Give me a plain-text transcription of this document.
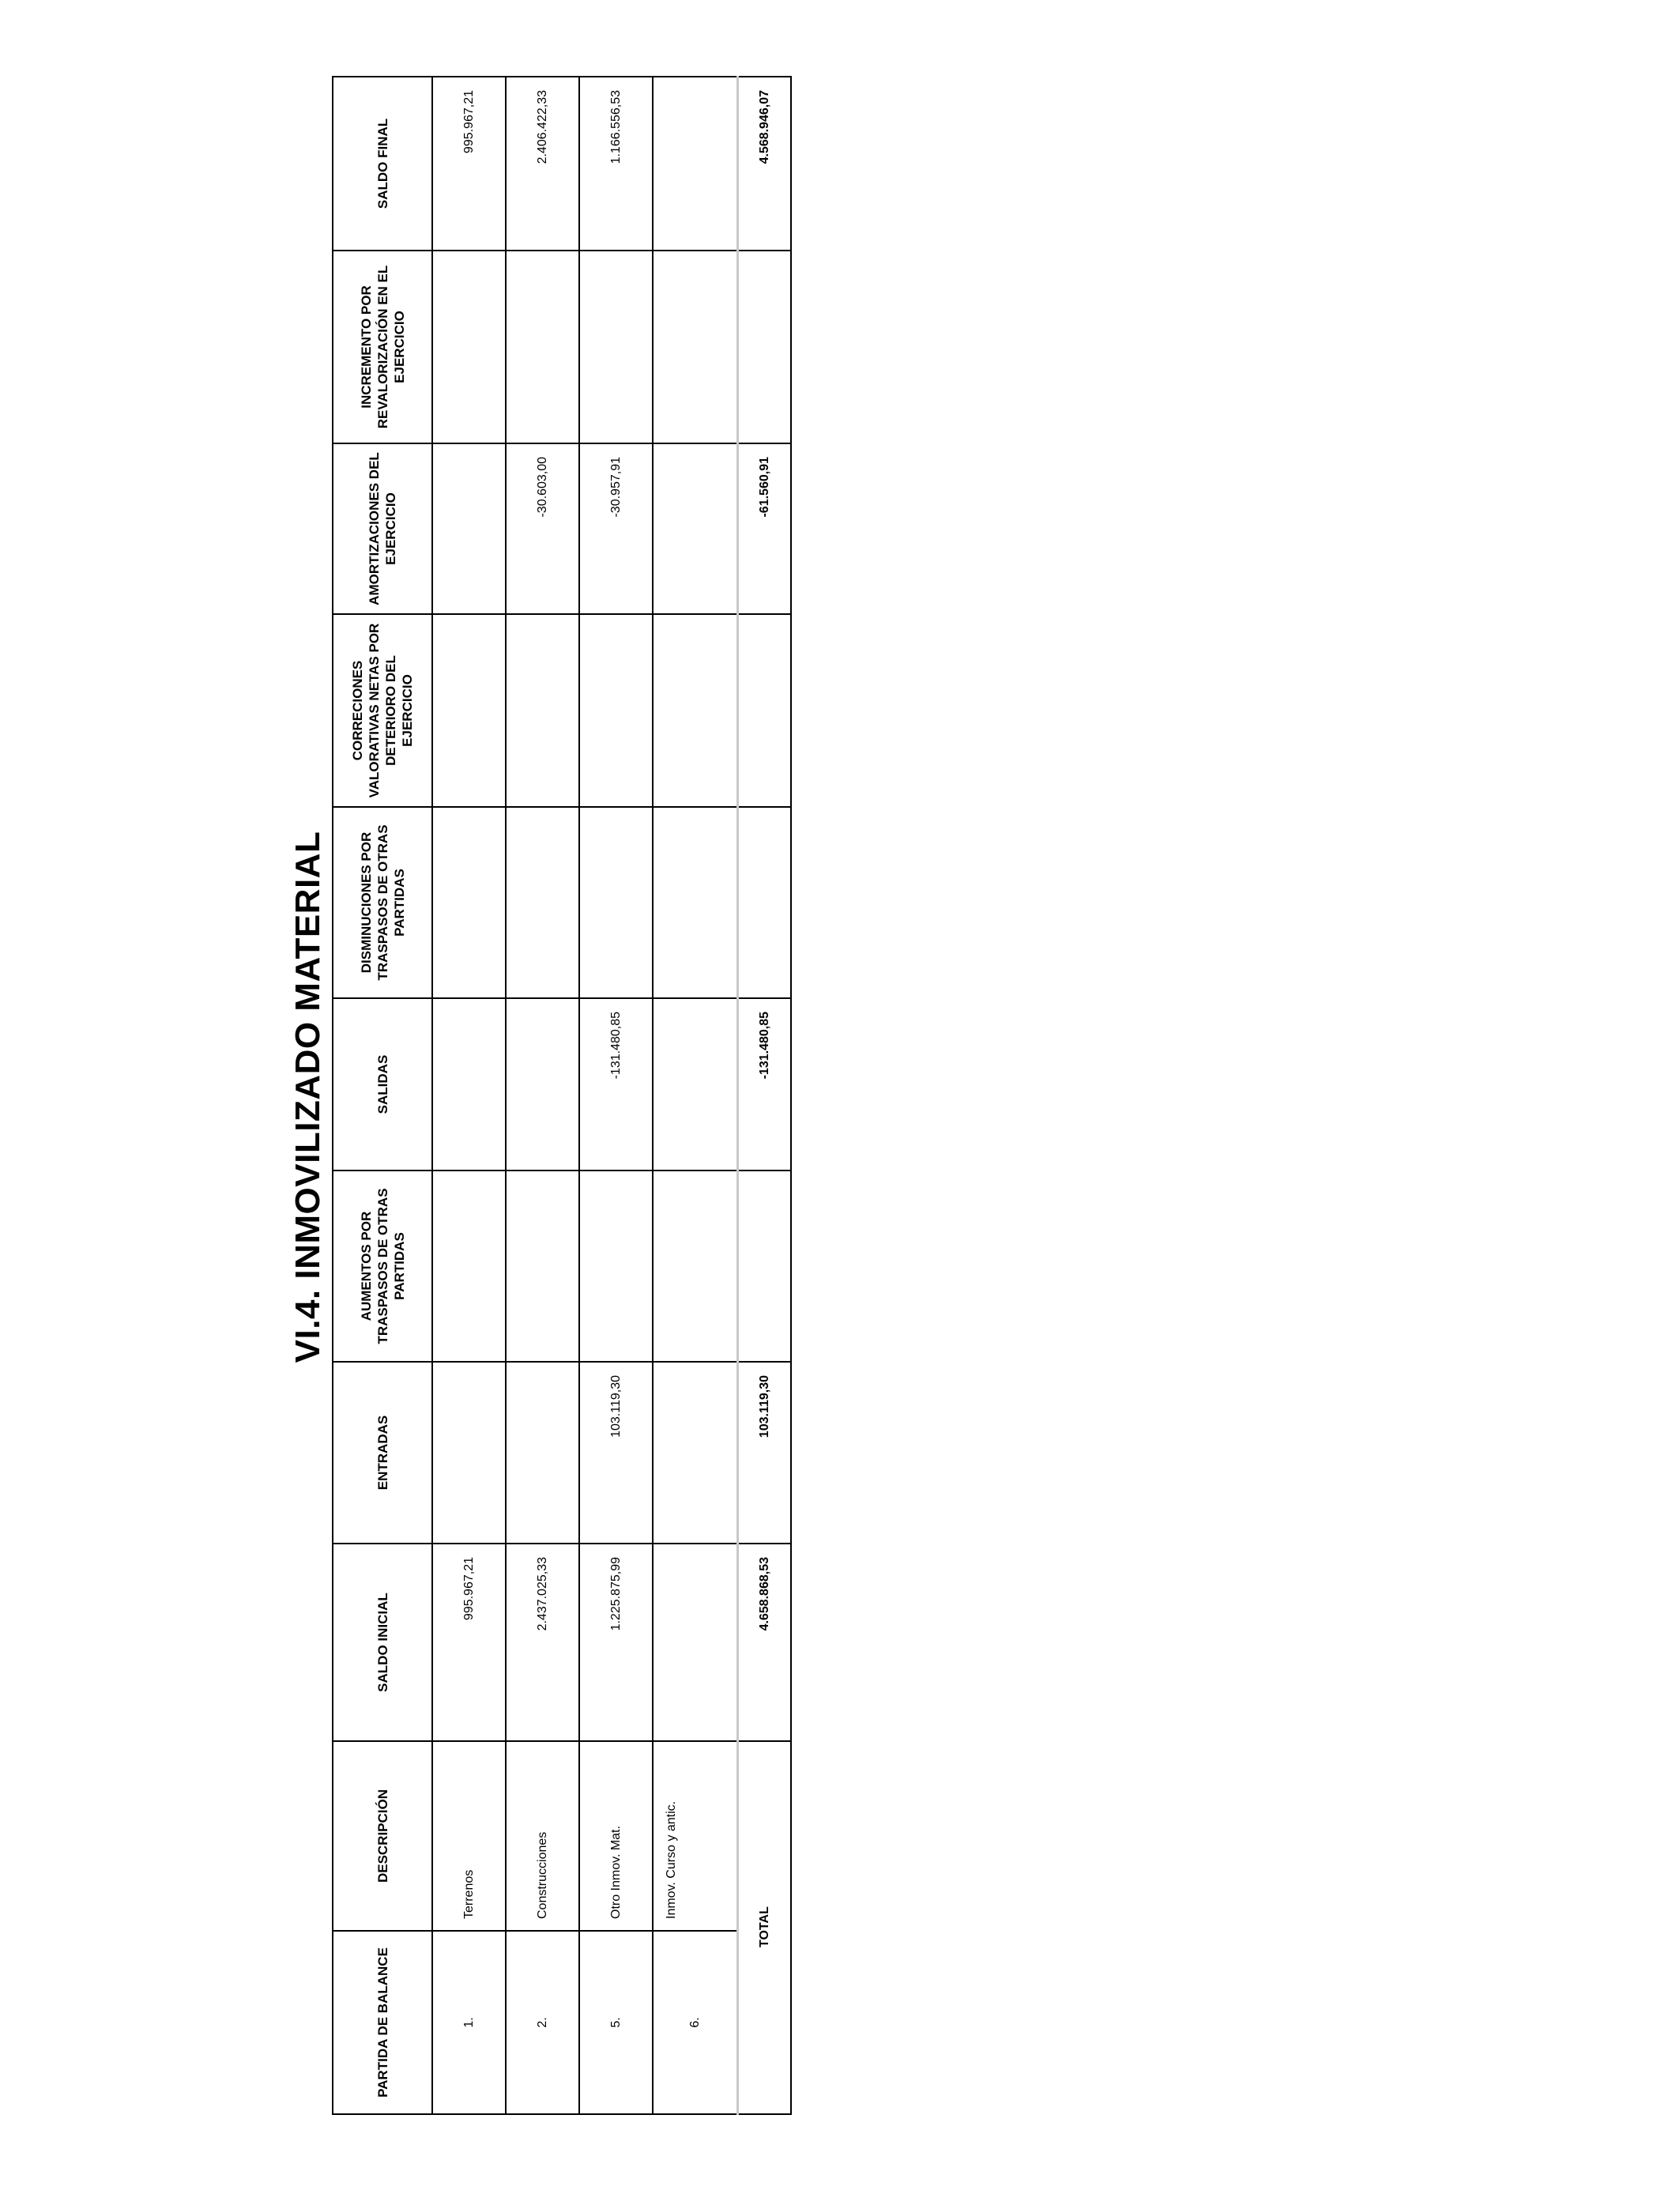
VI.4. INMOVILIZADO MATERIAL
PARTIDA DE BALANCE	DESCRIPCIÓN	SALDO INICIAL	ENTRADAS	AUMENTOS POR TRASPASOS DE OTRAS PARTIDAS	SALIDAS	DISMINUCIONES POR TRASPASOS DE OTRAS PARTIDAS	CORRECIONES VALORATIVAS NETAS POR DETERIORO DEL EJERCICIO	AMORTIZACIONES DEL EJERCICIO	INCREMENTO POR REVALORIZACIÓN EN EL EJERCICIO	SALDO FINAL
1.	Terrenos	995.967,21								995.967,21
2.	Construcciones	2.437.025,33						-30.603,00		2.406.422,33
5.	Otro Inmov. Mat.	1.225.875,99	103.119,30		-131.480,85			-30.957,91		1.166.556,53
6.	Inmov. Curso y antic.									
TOTAL		4.658.868,53	103.119,30		-131.480,85			-61.560,91		4.568.946,07
